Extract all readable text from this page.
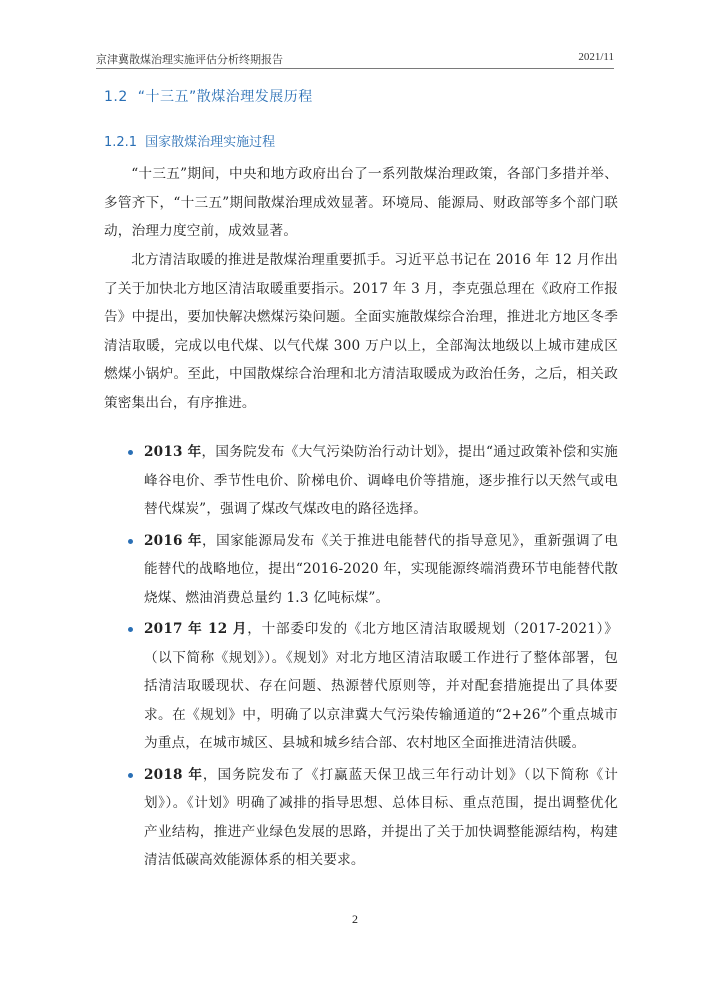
京津冀散煤治理实施评估分析终期报告	2021/11
1.2 “十三五”散煤治理发展历程
1.2.1 国家散煤治理实施过程

“十三五”期间，中央和地方政府出台了一系列散煤治理政策，各部门多措并举、多管齐下，“十三五”期间散煤治理成效显著。环境局、能源局、财政部等多个部门联动，治理力度空前，成效显著。

北方清洁取暖的推进是散煤治理重要抓手。习近平总书记在 2016 年 12 月作出了关于加快北方地区清洁取暖重要指示。2017 年 3 月，李克强总理在《政府工作报告》中提出，要加快解决燃煤污染问题。全面实施散煤综合治理，推进北方地区冬季清洁取暖，完成以电代煤、以气代煤 300 万户以上，全部淘汰地级以上城市建成区燃煤小锅炉。至此，中国散煤综合治理和北方清洁取暖成为政治任务，之后，相关政策密集出台，有序推进。

2013 年，国务院发布《大气污染防治行动计划》，提出“通过政策补偿和实施峰谷电价、季节性电价、阶梯电价、调峰电价等措施，逐步推行以天然气或电替代煤炭”，强调了煤改气煤改电的路径选择。
2016 年，国家能源局发布《关于推进电能替代的指导意见》，重新强调了电能替代的战略地位，提出“2016-2020 年，实现能源终端消费环节电能替代散烧煤、燃油消费总量约 1.3 亿吨标煤”。
2017 年 12 月，十部委印发的《北方地区清洁取暖规划（2017-2021）》（以下简称《规划》）。《规划》对北方地区清洁取暖工作进行了整体部署，包括清洁取暖现状、存在问题、热源替代原则等，并对配套措施提出了具体要求。在《规划》中，明确了以京津冀大气污染传输通道的“2+26”个重点城市为重点，在城市城区、县城和城乡结合部、农村地区全面推进清洁供暖。
2018 年，国务院发布了《打赢蓝天保卫战三年行动计划》（以下简称《计划》）。《计划》明确了减排的指导思想、总体目标、重点范围，提出调整优化产业结构，推进产业绿色发展的思路，并提出了关于加快调整能源结构，构建清洁低碳高效能源体系的相关要求。
2
